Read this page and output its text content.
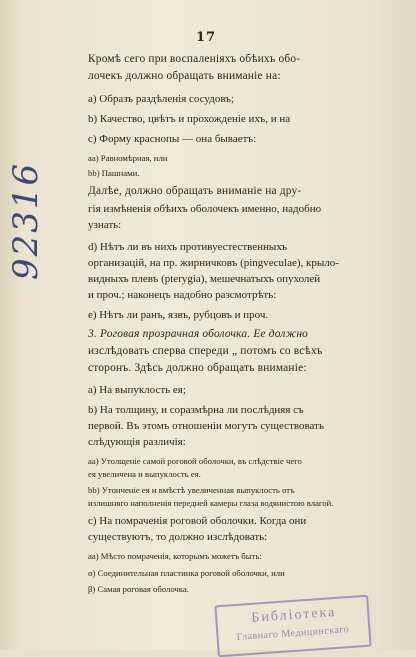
17
Кромѣ сего при воспаленіяхъ обѣихъ обо-
лочекъ должно обращать вниманіе на:
a) Образъ раздѣленія сосудовъ;
b) Качество, цвѣтъ и прохожденіе ихъ, и на
c) Форму краснопы — она бываетъ:
aa) Равномѣрная, или
bb) Пашнами.
Далѣе, должно обращать вниманіе на дру-
гія измѣненія обѣихъ оболочекъ именно, надобно
узнать:
d) Нѣтъ ли въ нихъ противуестественныхъ
организацій, на пр. жирничковъ (pingveculae), крыло-
видныхъ плевъ (pterygia), мешечнатыхъ опухолей
и проч.; наконецъ надобно разсмотрѣть:
e) Нѣтъ ли ранъ, язвъ, рубцовъ и проч.
3. Роговая прозрачная оболочка. Ее должно
изслѣдовать сперва спереди „ потомъ со всѣхъ
сторонъ. Здѣсь должно обращать вниманіе:
a) На выпуклость ея;
b) На толщину, и соразмѣрна ли послѣдняя съ
первой. Въ этомъ отношеніи могутъ существовать
слѣдующія различія:
aa) Утолщеніе самой роговой оболочки, въ слѣдствіе чего
ея увеличена и выпуклость ея.
bb) Утонченіе ея и вмѣстѣ увеличенная выпуклость отъ
излишняго наполненія передней камеры глаза водянистою влагой.
c) На помраченія роговой оболочки. Когда они
существуютъ, то должно изслѣдовать:
aa) Мѣсто помраченія, которымъ можетъ быть:
α) Соединительная пластинка роговой оболочки, или
β) Самая роговая оболочка.
92316
Библіотека
Главнаго Медицинскаго
